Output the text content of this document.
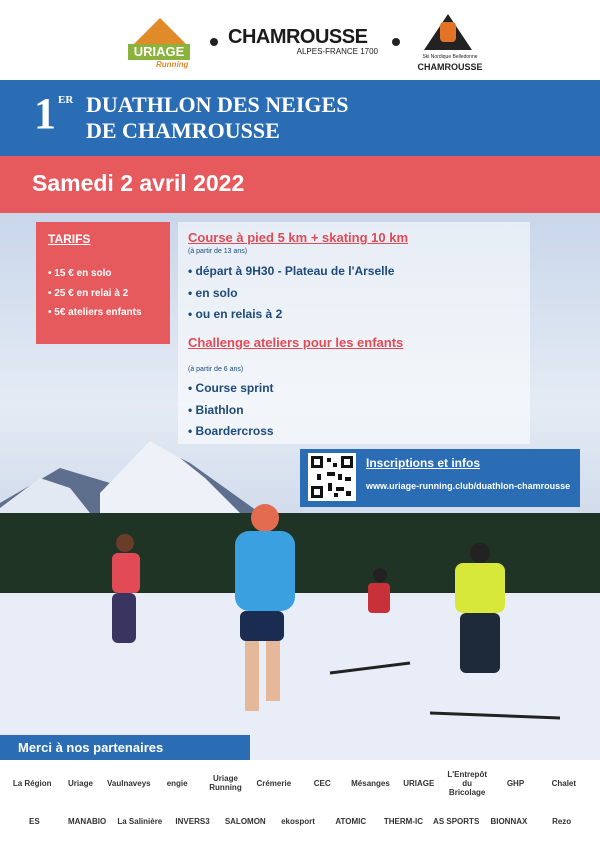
URIAGE
Running
CHAMROUSSE
ALPES-FRANCE 1700
Ski Nordique Belledonne
CHAMROUSSE
1 ER DUATHLON DES NEIGES
DE CHAMROUSSE
Samedi 2 avril 2022
TARIFS
• 15 € en solo
• 25 € en relai à 2
• 5€ ateliers enfants
Course à pied 5 km + skating 10 km
(à partir de 13 ans)
• départ à 9H30 - Plateau de l'Arselle
• en solo
• ou en relais à 2
Challenge ateliers pour les enfants
(à partir de 6 ans)
• Course sprint
• Biathlon
• Boardercross
Inscriptions et infos
www.uriage-running.club/duathlon-chamrousse
Merci à nos partenaires
La Région	Uriage	Vaulnaveys	engie	Uriage Running	Crémerie	CEC	Mésanges	URIAGE
L'Entrepôt du Bricolage
GHP	Chalet
ES	MANABIO	La Salinière	INVERS3	SALOMON	ekosport	ATOMIC	THERM-IC	AS SPORTS	BIONNAX	Rezo
